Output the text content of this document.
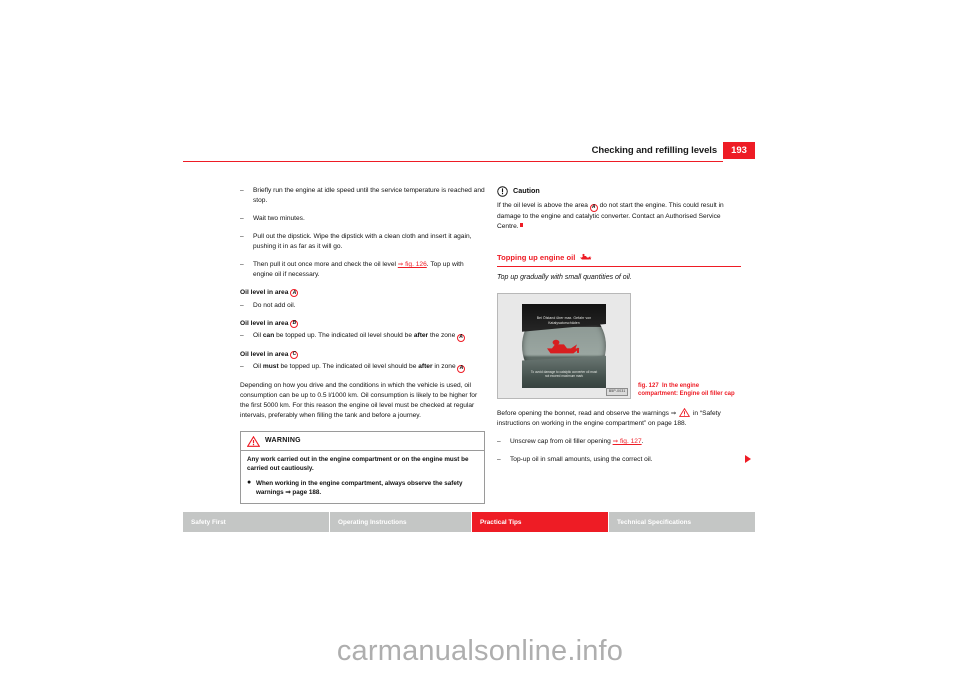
Checking and refilling levels	193
– Briefly run the engine at idle speed until the service temperature is reached and stop.
– Wait two minutes.
– Pull out the dipstick. Wipe the dipstick with a clean cloth and insert it again, pushing it in as far as it will go.
– Then pull it out once more and check the oil level ⇒ fig. 126. Top up with engine oil if necessary.
Oil level in area A
– Do not add oil.
Oil level in area B
– Oil can be topped up. The indicated oil level should be after the zone A
Oil level in area C
– Oil must be topped up. The indicated oil level should be after in zone A
Depending on how you drive and the conditions in which the vehicle is used, oil consumption can be up to 0.5 l/1000 km. Oil consumption is likely to be higher for the first 5000 km. For this reason the engine oil level must be checked at regular intervals, preferably when filling the tank and before a journey.
WARNING
Any work carried out in the engine compartment or on the engine must be carried out cautiously.
● When working in the engine compartment, always observe the safety warnings ⇒ page 188.
Caution
If the oil level is above the area A do not start the engine. This could result in damage to the engine and catalytic converter. Contact an Authorised Service Centre.
Topping up engine oil
Top up gradually with small quantities of oil.
Bei Ölstand über max. Gefahr von Katalysatorschäden
To avoid damage to catalytic converter oil must not exceed maximum mark
B5P-0031
fig. 127 In the engine compartment: Engine oil filler cap
Before opening the bonnet, read and observe the warnings ⇒  in “Safety instructions on working in the engine compartment” on page 188.
– Unscrew cap from oil filler opening ⇒ fig. 127.
– Top-up oil in small amounts, using the correct oil.
Safety First	Operating Instructions	Practical Tips	Technical Specifications
carmanualsonline.info
